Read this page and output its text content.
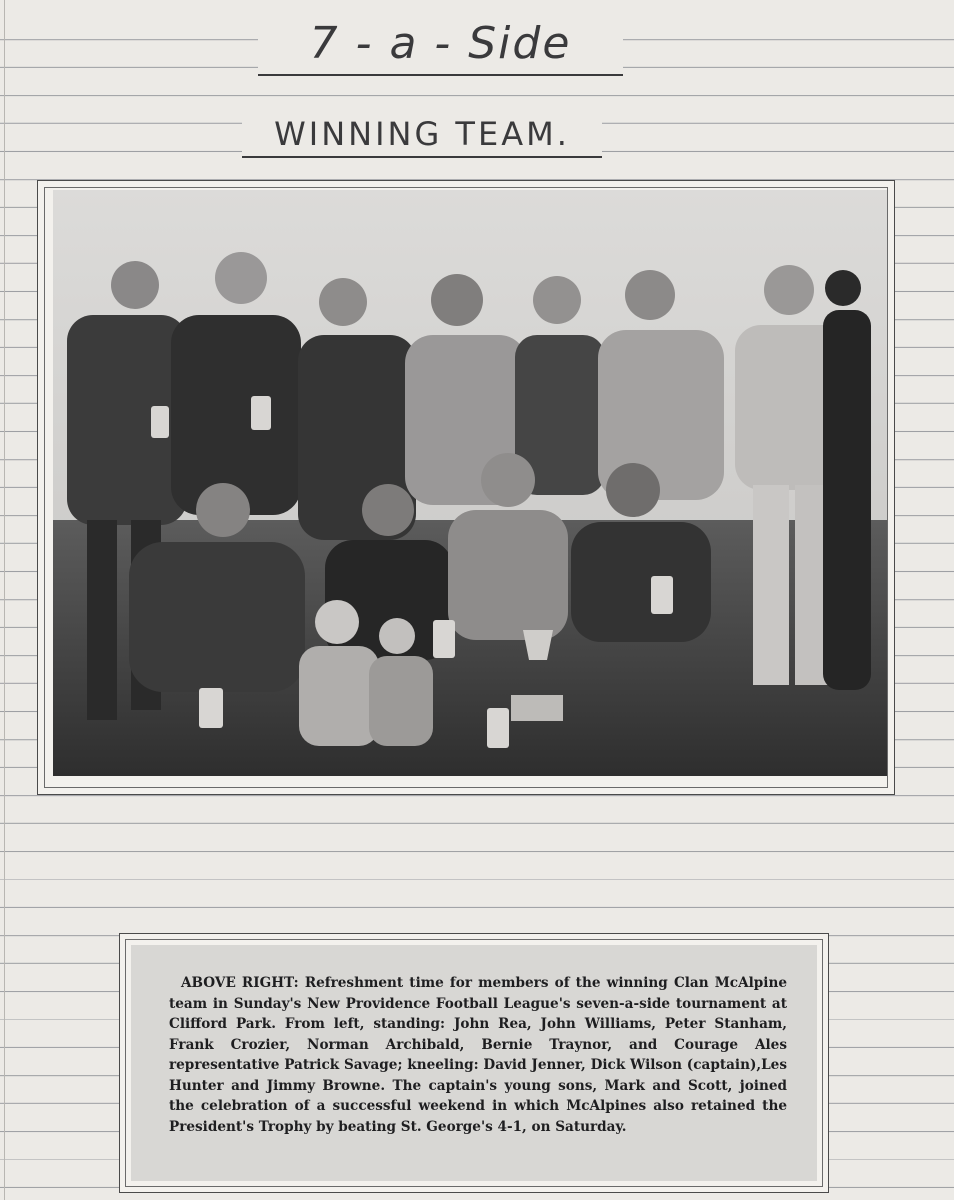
7 - a - Side
WINNING TEAM.

ABOVE RIGHT: Refreshment time for members of the winning Clan McAlpine team in Sunday's New Providence Football League's seven-a-side tournament at Clifford Park. From left, standing: John Rea, John Williams, Peter Stanham, Frank Crozier, Norman Archibald, Bernie Traynor, and Courage Ales representative Patrick Savage; kneeling: David Jenner, Dick Wilson (captain),Les Hunter and Jimmy Browne. The captain's young sons, Mark and Scott, joined the celebration of a successful weekend in which McAlpines also retained the President's Trophy by beating St. George's 4-1, on Saturday.
